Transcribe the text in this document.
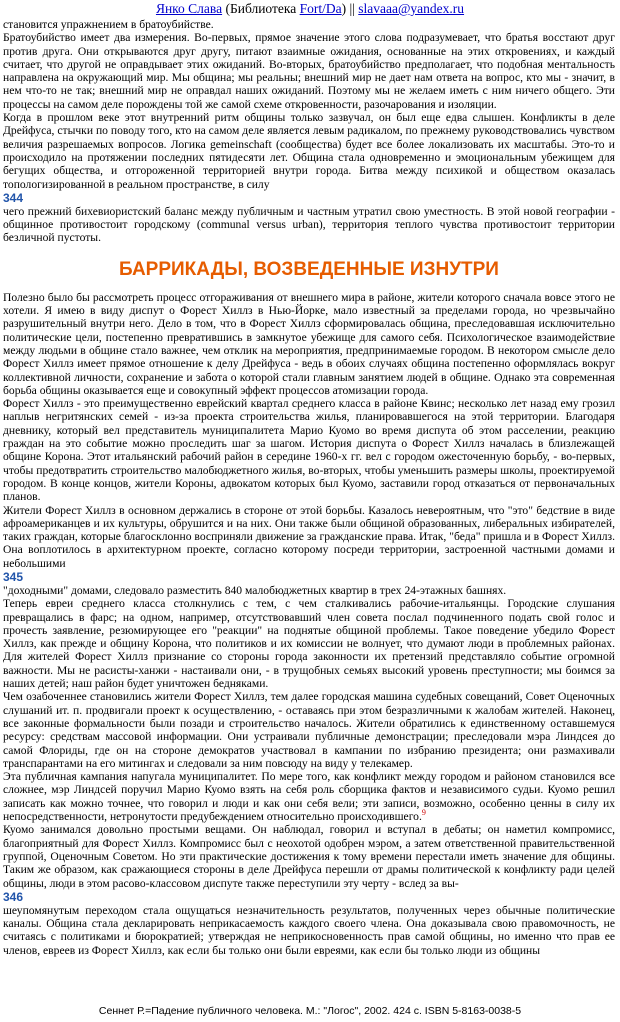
Янко Слава (Библиотека Fort/Da) || slavaaa@yandex.ru

становится упражнением в братоубийстве.

Братоубийство имеет два измерения. Во-первых, прямое значение этого слова подразумевает, что братья восстают друг против друга. Они открываются друг другу, питают взаимные ожидания, основанные на этих откровениях, и каждый считает, что другой не оправдывает этих ожиданий. Во-вторых, братоубийство предполагает, что подобная ментальность направлена на окружающий мир. Мы община; мы реальны; внешний мир не дает нам ответа на вопрос, кто мы - значит, в нем что-то не так; внешний мир не оправдал наших ожиданий. Поэтому мы не желаем иметь с ним ничего общего. Эти процессы на самом деле порождены той же самой схеме откровенности, разочарования и изоляции.

Когда в прошлом веке этот внутренний ритм общины только зазвучал, он был еще едва слышен. Конфликты в деле Дрейфуса, стычки по поводу того, кто на самом деле является левым радикалом, по прежнему руководствовались чувством величия разрешаемых вопросов. Логика gemeinschaft (сообщества) будет все более локализовать их масштабы. Это-то и происходило на протяжении последних пятидесяти лет. Община стала одновременно и эмоциональным убежищем для бегущих общества, и отгороженной территорией внутри города. Битва между психикой и обществом оказалась топологизированной в реальном пространстве, в силу

344

чего прежний бихевиористский баланс между публичным и частным утратил свою уместность. В этой новой географии - общинное противостоит городскому (communal versus urban), территория теплого чувства противостоит территории безличной пустоты.

БАРРИКАДЫ, ВОЗВЕДЕННЫЕ ИЗНУТРИ

Полезно было бы рассмотреть процесс отгораживания от внешнего мира в районе, жители которого сначала вовсе этого не хотели. Я имею в виду диспут о Форест Хиллз в Нью-Йорке, мало известный за пределами города, но чрезвычайно разрушительный внутри него. Дело в том, что в Форест Хиллз сформировалась община, преследовавшая исключительно политические цели, постепенно превратившись в замкнутое убежище для самого себя. Психологическое взаимодействие между людьми в общине стало важнее, чем отклик на мероприятия, предпринимаемые городом. В некотором смысле дело Форест Хиллз имеет прямое отношение к делу Дрейфуса - ведь в обоих случаях община постепенно оформлялась вокруг коллективной личности, сохранение и забота о которой стали главным занятием людей в общине. Однако эта современная борьба общины оказывается еще и совокупный эффект процессов атомизации города.

Форест Хиллз - это преимущественно еврейский квартал среднего класса в районе Квинс; несколько лет назад ему грозил наплыв негритянских семей - из-за проекта строительства жилья, планировавшегося на этой территории. Благодаря дневнику, который вел представитель муниципалитета Марио Куомо во время диспута об этом расселении, реакцию граждан на это событие можно проследить шаг за шагом. История диспута о Форест Хиллз началась в близлежащей общине Корона. Этот итальянский рабочий район в середине 1960-х гг. вел с городом ожесточенную борьбу, - во-первых, чтобы предотвратить строительство малобюджетного жилья, во-вторых, чтобы уменьшить размеры школы, проектируемой городом. В конце концов, жители Короны, адвокатом которых был Куомо, заставили город отказаться от первоначальных планов.

Жители Форест Хиллз в основном держались в стороне от этой борьбы. Казалось невероятным, что "это" бедствие в виде афроамериканцев и их культуры, обрушится и на них. Они также были общиной образованных, либеральных избирателей, таких граждан, которые благосклонно восприняли движение за гражданские права. Итак, "беда" пришла и в Форест Хиллз. Она воплотилось в архитектурном проекте, согласно которому посреди территории, застроенной частными домами и небольшими

345

"доходными" домами, следовало разместить 840 малобюджетных квартир в трех 24-этажных башнях.

Теперь евреи среднего класса столкнулись с тем, с чем сталкивались рабочие-итальянцы. Городские слушания превращались в фарс; на одном, например, отсутствовавший член совета послал подчиненного подать свой голос и прочесть заявление, резюмирующее его "реакции" на поднятые общиной проблемы. Такое поведение убедило Форест Хиллз, как прежде и общину Корона, что политиков и их комиссии не волнует, что думают люди в проблемных районах. Для жителей Форест Хиллз признание со стороны города законности их претензий представляло событие огромной важности. Мы не расисты-ханжи - настаивали они, - в трущобных семьях высокий уровень преступности; мы боимся за наших детей; наш район будет уничтожен бедняками.

Чем озабоченнее становились жители Форест Хиллз, тем далее городская машина судебных совещаний, Совет Оценочных слушаний ит. п. продвигали проект к осуществлению, - оставаясь при этом безразличными к жалобам жителей. Наконец, все законные формальности были позади и строительство началось. Жители обратились к единственному оставшемуся ресурсу: средствам массовой информации. Они устраивали публичные демонстрации; преследовали мэра Линдсея до самой Флориды, где он на стороне демократов участвовал в кампании по избранию президента; они размахивали транспарантами на его митингах и следовали за ним повсюду на виду у телекамер.

Эта публичная кампания напугала муниципалитет. По мере того, как конфликт между городом и районом становился все сложнее, мэр Линдсей поручил Марио Куомо взять на себя роль сборщика фактов и независимого судьи. Куомо решил записать как можно точнее, что говорил и люди и как они себя вели; эти записи, возможно, особенно ценны в силу их непосредственности, нетронутости предубеждением относительно происходившего.$^9$

Куомо занимался довольно простыми вещами. Он наблюдал, говорил и вступал в дебаты; он наметил компромисс, благоприятный для Форест Хиллз. Компромисс был с неохотой одобрен мэром, а затем ответственной правительственной группой, Оценочным Советом. Но эти практические достижения к тому времени перестали иметь значение для общины. Таким же образом, как сражающиеся стороны в деле Дрейфуса перешли от драмы политической к конфликту ради целей общины, люди в этом расово-классовом диспуте также переступили эту черту - вслед за вы-

346

шеупомянутым переходом стала ощущаться незначительность результатов, полученных через обычные политические каналы. Община стала декларировать неприкасаемость каждого своего члена. Она доказывала свою правомочность, не считаясь с политиками и бюрократией; утверждая не неприкосновенность прав самой общины, но именно что прав ее членов, евреев из Форест Хиллз, как если бы только они были евреями, как если бы только люди из общины

Сеннет Р.=Падение публичного человека. М.: "Логос", 2002. 424 с. ISBN 5-8163-0038-5
